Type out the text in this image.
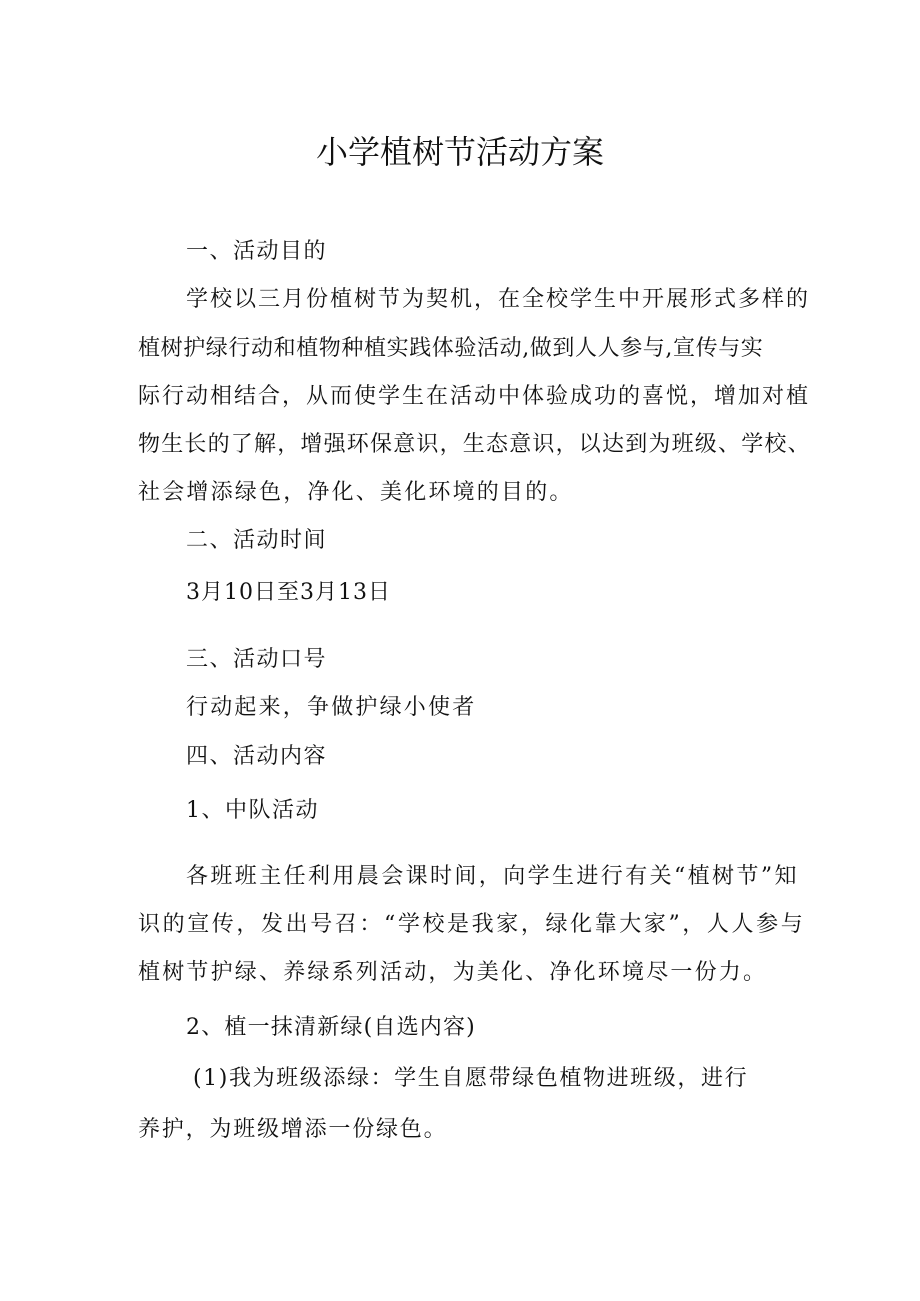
小学植树节活动方案
一、活动目的
学校以三月份植树节为契机，在全校学生中开展形式多样的
植树护绿行动和植物种植实践体验活动,做到人人参与,宣传与实
际行动相结合，从而使学生在活动中体验成功的喜悦，增加对植
物生长的了解，增强环保意识，生态意识，以达到为班级、学校、
社会增添绿色，净化、美化环境的目的。
二、活动时间
3月10日至3月13日
三、活动口号
行动起来，争做护绿小使者
四、活动内容
1、中队活动
各班班主任利用晨会课时间，向学生进行有关“植树节”知
识的宣传，发出号召：“学校是我家，绿化靠大家”，人人参与
植树节护绿、养绿系列活动，为美化、净化环境尽一份力。
2、植一抹清新绿(自选内容)
(1)我为班级添绿：学生自愿带绿色植物进班级，进行
养护，为班级增添一份绿色。
